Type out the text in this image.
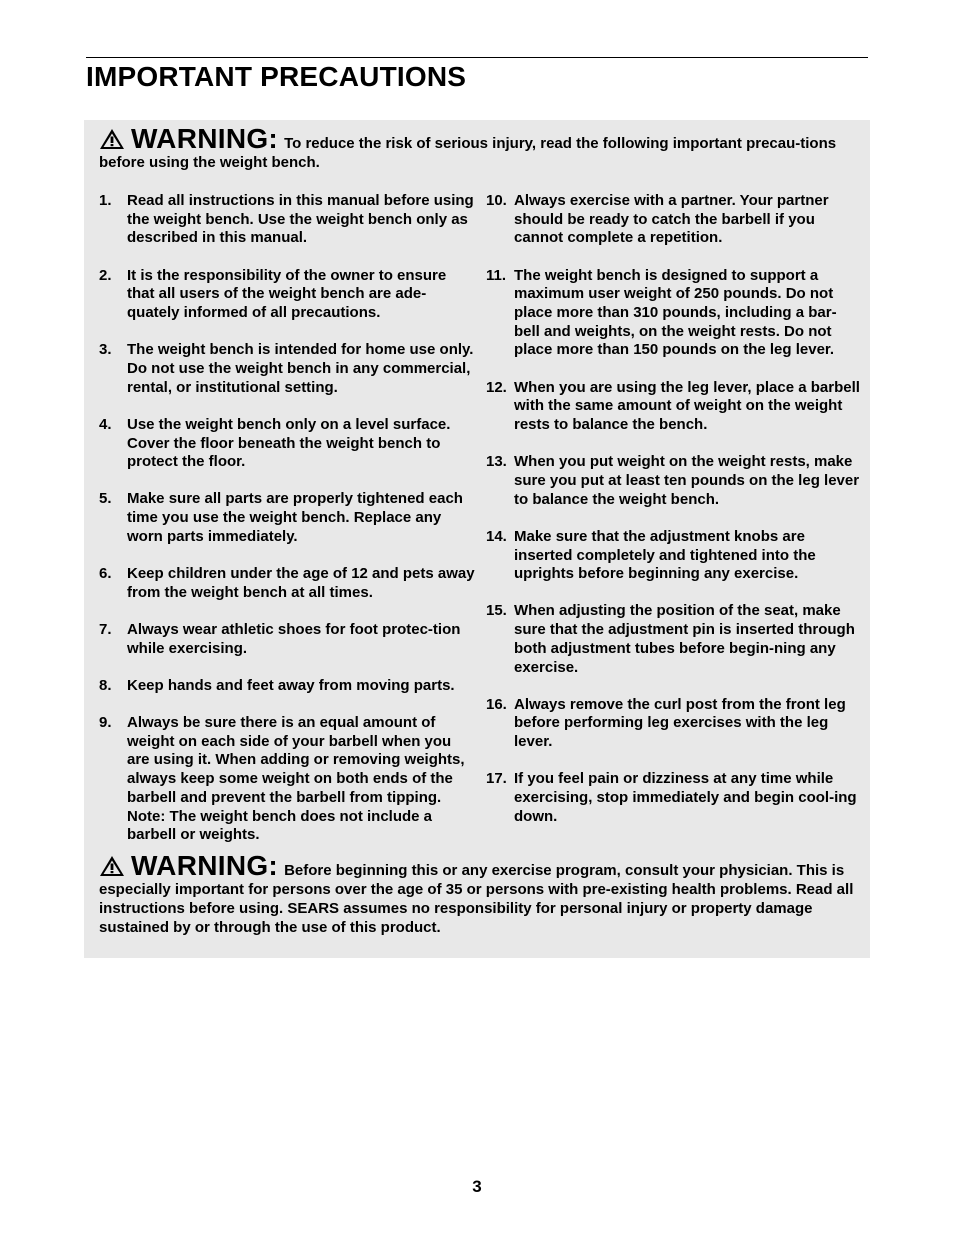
IMPORTANT PRECAUTIONS
WARNING: To reduce the risk of serious injury, read the following important precau-tions before using the weight bench.
1. Read all instructions in this manual before using the weight bench. Use the weight bench only as described in this manual.
2. It is the responsibility of the owner to ensure that all users of the weight bench are ade-quately informed of all precautions.
3. The weight bench is intended for home use only. Do not use the weight bench in any commercial, rental, or institutional setting.
4. Use the weight bench only on a level surface. Cover the floor beneath the weight bench to protect the floor.
5. Make sure all parts are properly tightened each time you use the weight bench. Replace any worn parts immediately.
6. Keep children under the age of 12 and pets away from the weight bench at all times.
7. Always wear athletic shoes for foot protec-tion while exercising.
8. Keep hands and feet away from moving parts.
9. Always be sure there is an equal amount of weight on each side of your barbell when you are using it. When adding or removing weights, always keep some weight on both ends of the barbell and prevent the barbell from tipping. Note: The weight bench does not include a barbell or weights.
10. Always exercise with a partner. Your partner should be ready to catch the barbell if you cannot complete a repetition.
11. The weight bench is designed to support a maximum user weight of 250 pounds. Do not place more than 310 pounds, including a bar-bell and weights, on the weight rests. Do not place more than 150 pounds on the leg lever.
12. When you are using the leg lever, place a barbell with the same amount of weight on the weight rests to balance the bench.
13. When you put weight on the weight rests, make sure you put at least ten pounds on the leg lever to balance the weight bench.
14. Make sure that the adjustment knobs are inserted completely and tightened into the uprights before beginning any exercise.
15. When adjusting the position of the seat, make sure that the adjustment pin is inserted through both adjustment tubes before begin-ning any exercise.
16. Always remove the curl post from the front leg before performing leg exercises with the leg lever.
17. If you feel pain or dizziness at any time while exercising, stop immediately and begin cool-ing down.
WARNING: Before beginning this or any exercise program, consult your physician. This is especially important for persons over the age of 35 or persons with pre-existing health problems. Read all instructions before using. SEARS assumes no responsibility for personal injury or property damage sustained by or through the use of this product.
3
